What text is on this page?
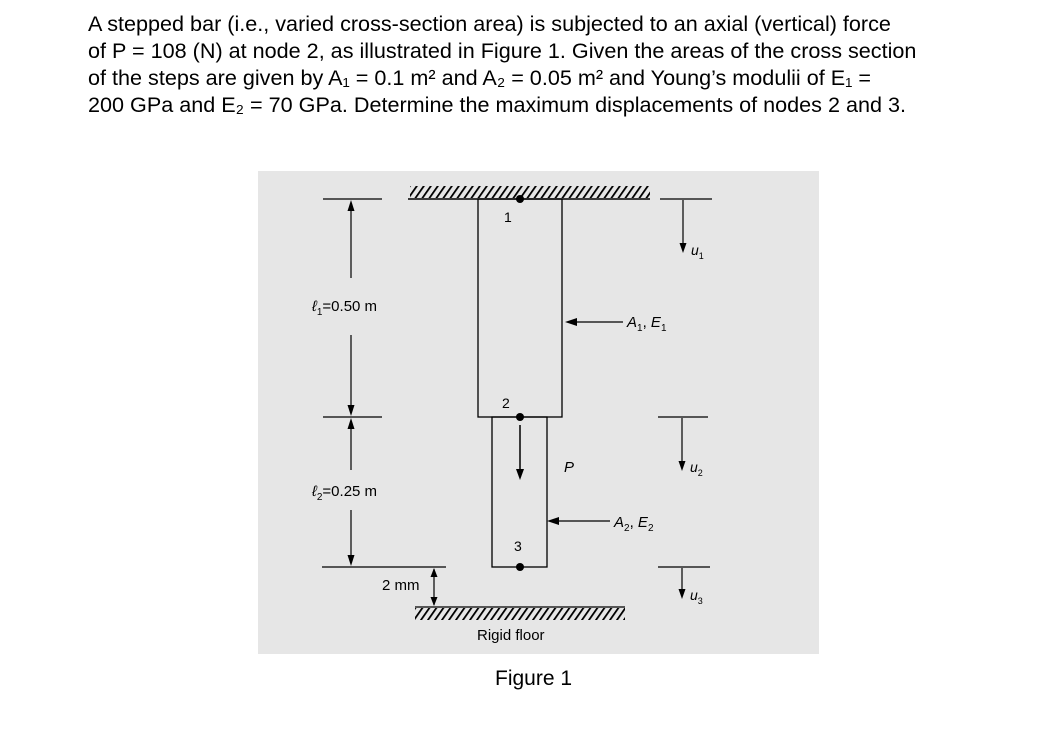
A stepped bar (i.e., varied cross-section area) is subjected to an axial (vertical) force

of P = 108 (N) at node 2, as illustrated in Figure 1. Given the areas of the cross section

of the steps are given by A₁ = 0.1 m² and A₂ = 0.05 m² and Young’s modulii of E₁ =

200 GPa and E₂ = 70 GPa. Determine the maximum displacements of nodes 2 and 3.

1
2
3
ℓ$_1$=0.50 m
ℓ$_2$=0.25 m
2 mm
P
$A_1$, $E_1$
$A_2$, $E_2$
$u_1$
$u_2$
$u_3$
Rigid floor
Figure 1
